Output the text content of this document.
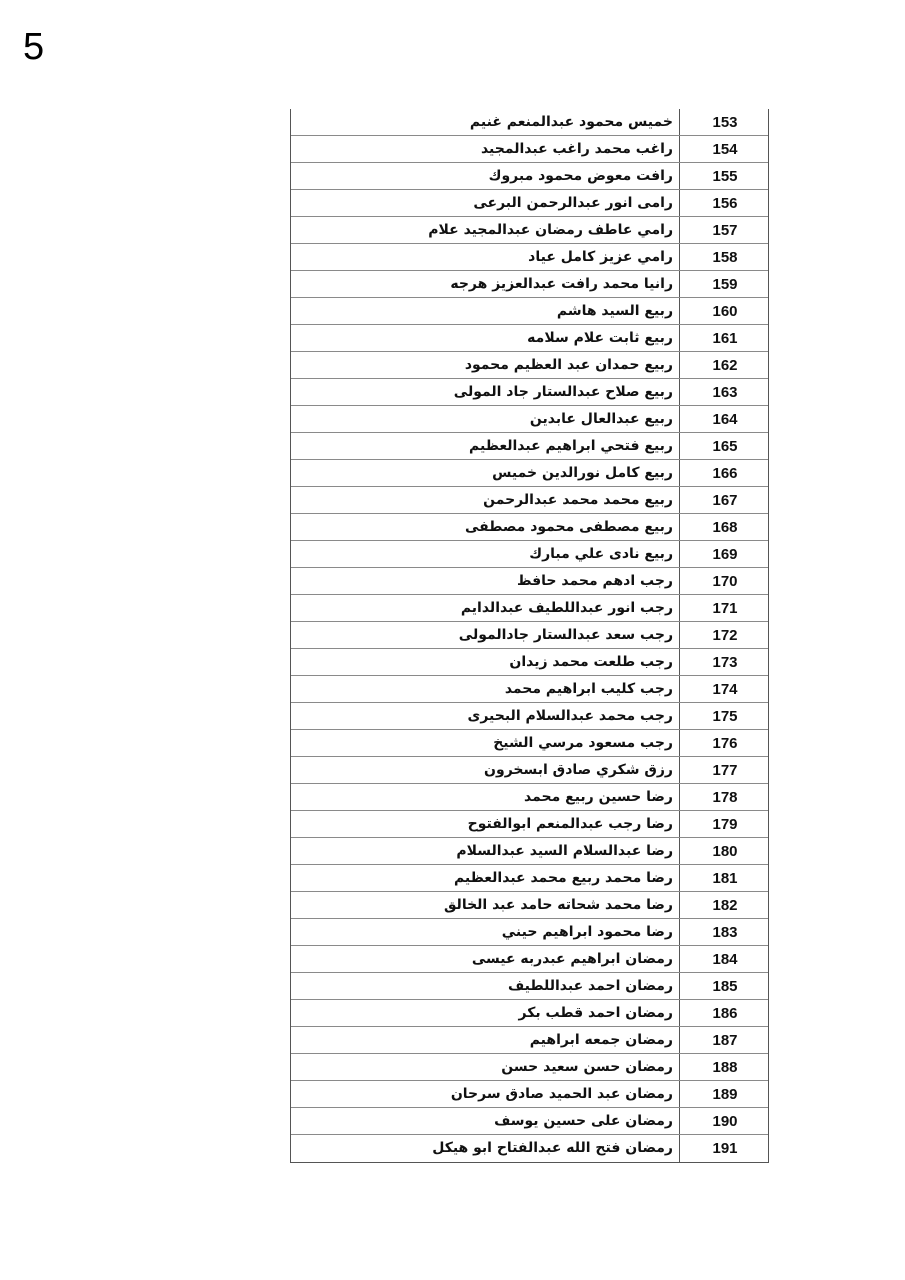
5
خميس محمود عبدالمنعم غنيم	153
راغب محمد راغب عبدالمجيد	154
رافت معوض محمود مبروك	155
رامى انور عبدالرحمن البرعى	156
رامي عاطف رمضان عبدالمجيد علام	157
رامي عزيز كامل عياد	158
رانيا محمد رافت عبدالعزيز هرجه	159
ربيع السيد هاشم	160
ربيع ثابت علام سلامه	161
ربيع حمدان عبد العظيم محمود	162
ربيع صلاح عبدالستار جاد المولى	163
ربيع عبدالعال عابدين	164
ربيع فتحي ابراهيم عبدالعظيم	165
ربيع كامل نورالدين خميس	166
ربيع محمد محمد عبدالرحمن	167
ربيع مصطفى محمود مصطفى	168
ربيع نادى علي مبارك	169
رجب ادهم محمد حافظ	170
رجب انور عبداللطيف عبدالدايم	171
رجب سعد عبدالستار جادالمولى	172
رجب طلعت محمد زيدان	173
رجب كليب ابراهيم محمد	174
رجب محمد عبدالسلام البحيرى	175
رجب مسعود مرسي الشيخ	176
رزق شكري صادق ابسخرون	177
رضا حسين ربيع محمد	178
رضا رجب عبدالمنعم ابوالفتوح	179
رضا عبدالسلام السيد عبدالسلام	180
رضا محمد ربيع محمد عبدالعظيم	181
رضا محمد شحاته حامد عبد الخالق	182
رضا محمود ابراهيم حيني	183
رمضان ابراهيم عبدربه عيسى	184
رمضان احمد عبداللطيف	185
رمضان احمد قطب بكر	186
رمضان جمعه ابراهيم	187
رمضان حسن سعيد حسن	188
رمضان عبد الحميد صادق سرحان	189
رمضان على حسين يوسف	190
رمضان فتح الله عبدالفتاح ابو هيكل	191
